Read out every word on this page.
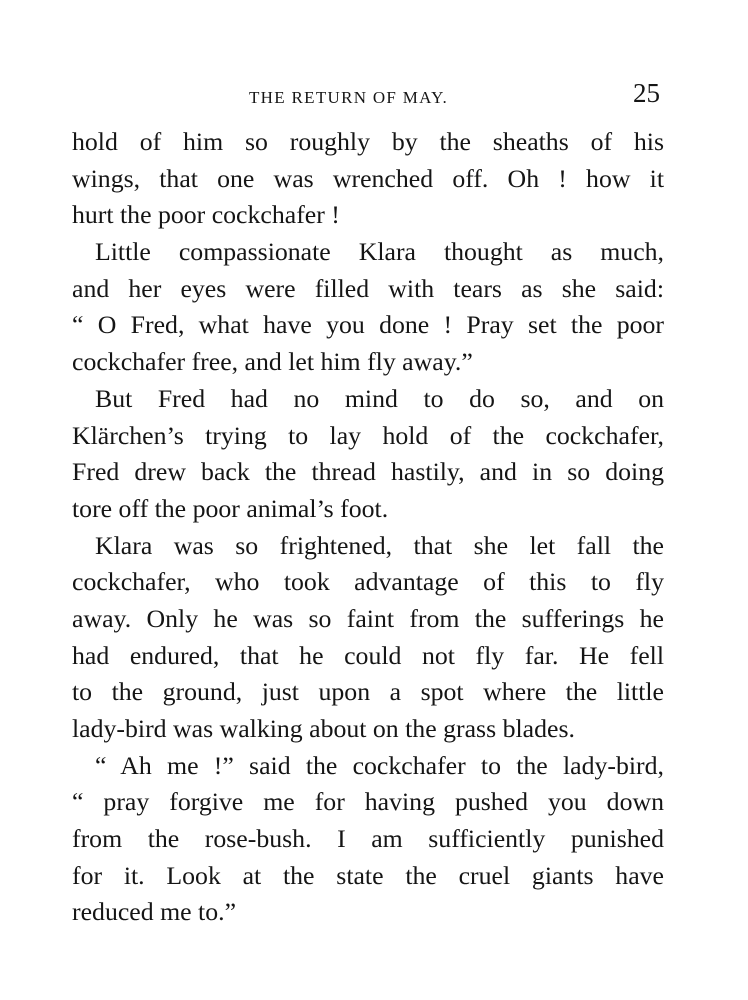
THE RETURN OF MAY.	25
hold of him so roughly by the sheaths of his
wings, that one was wrenched off. Oh ! how it
hurt the poor cockchafer !
Little compassionate Klara thought as much,
and her eyes were filled with tears as she said:
“ O Fred, what have you done ! Pray set the poor
cockchafer free, and let him fly away.”
But Fred had no mind to do so, and on
Klärchen’s trying to lay hold of the cockchafer,
Fred drew back the thread hastily, and in so doing
tore off the poor animal’s foot.
Klara was so frightened, that she let fall the
cockchafer, who took advantage of this to fly
away. Only he was so faint from the sufferings he
had endured, that he could not fly far. He fell
to the ground, just upon a spot where the little
lady-bird was walking about on the grass blades.
“ Ah me !” said the cockchafer to the lady-bird,
“ pray forgive me for having pushed you down
from the rose-bush. I am sufficiently punished
for it. Look at the state the cruel giants have
reduced me to.”
